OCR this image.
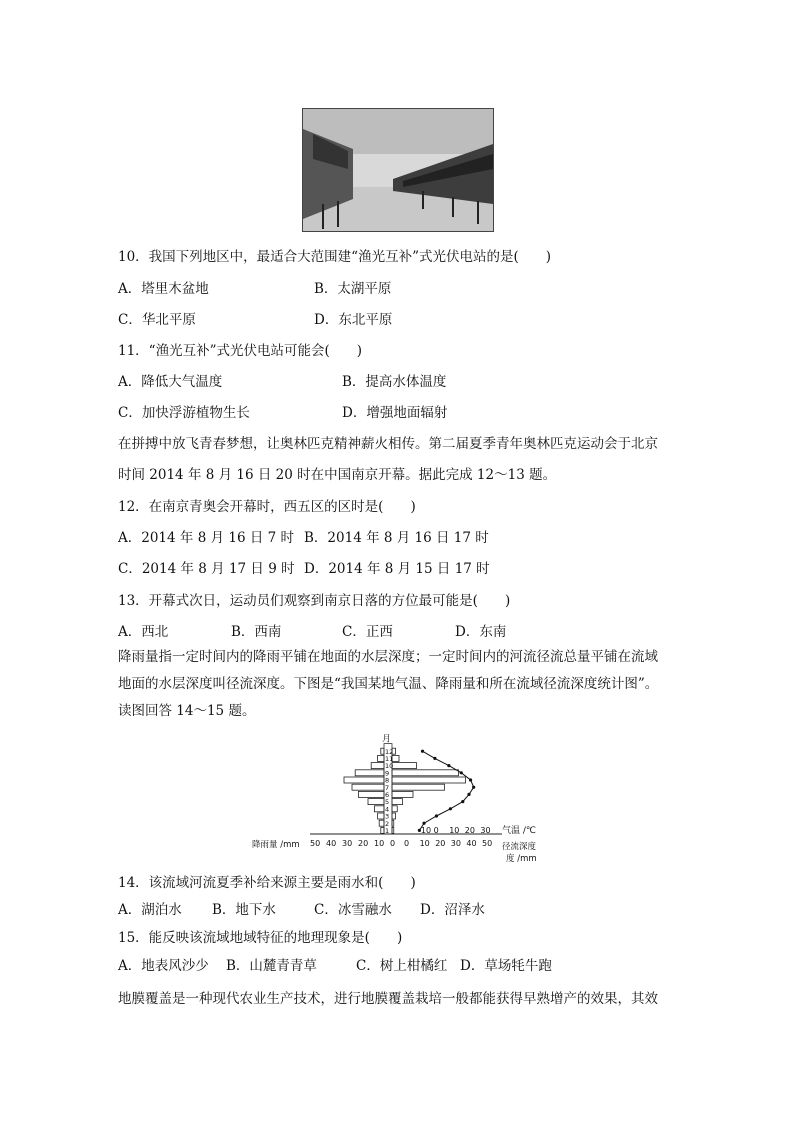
10．我国下列地区中，最适合大范围建“渔光互补”式光伏电站的是(　　)
A．塔里木盆地	B．太湖平原
C．华北平原	D．东北平原
11．“渔光互补”式光伏电站可能会(　　)
A．降低大气温度	B．提高水体温度
C．加快浮游植物生长	D．增强地面辐射
在拼搏中放飞青春梦想，让奥林匹克精神薪火相传。第二届夏季青年奥林匹克运动会于北京
时间 2014 年 8 月 16 日 20 时在中国南京开幕。据此完成 12～13 题。
12．在南京青奥会开幕时，西五区的区时是(　　)
A．2014 年 8 月 16 日 7 时 B．2014 年 8 月 16 日 17 时
C．2014 年 8 月 17 日 9 时 D．2014 年 8 月 15 日 17 时
13．开幕式次日，运动员们观察到南京日落的方位最可能是(　　)
A．西北	B．西南	C．正西	D．东南
降雨量指一定时间内的降雨平铺在地面的水层深度；一定时间内的河流径流总量平铺在流域
地面的水层深度叫径流深度。下图是“我国某地气温、降雨量和所在流域径流深度统计图”。
读图回答 14～15 题。
月
1
2
3
4
5
6
7
8
9
10
11
12
50 40 30 20 10 0 0 10 20 30 40 50
-10 0 10 20 30 气温 /℃
降雨量 /mm	径流深度
度 /mm
14．该流域河流夏季补给来源主要是雨水和(　　)
A．湖泊水 B．地下水	C．冰雪融水 D．沼泽水
15．能反映该流域地域特征的地理现象是(　　)
A．地表风沙少 B．山麓青青草	C．树上柑橘红 D．草场牦牛跑
地膜覆盖是一种现代农业生产技术，进行地膜覆盖栽培一般都能获得早熟增产的效果，其效
